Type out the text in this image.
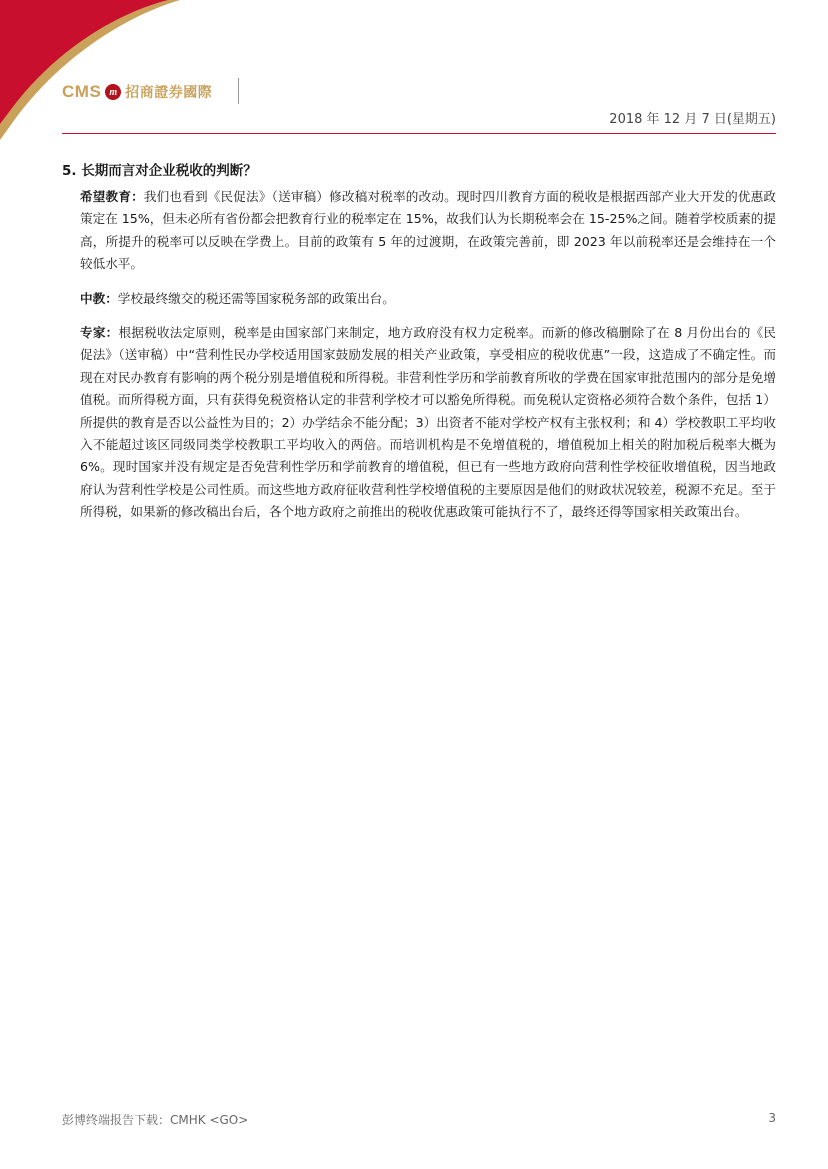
CMS m 招商證券國際
2018 年 12 月 7 日(星期五)
5. 长期而言对企业税收的判断？

希望教育：我们也看到《民促法》（送审稿）修改稿对税率的改动。现时四川教育方面的税收是根据西部产业大开发的优惠政策定在 15%，但未必所有省份都会把教育行业的税率定在 15%，故我们认为长期税率会在 15-25%之间。随着学校质素的提高，所提升的税率可以反映在学费上。目前的政策有 5 年的过渡期，在政策完善前，即 2023 年以前税率还是会维持在一个较低水平。

中教：学校最终缴交的税还需等国家税务部的政策出台。

专家：根据税收法定原则，税率是由国家部门来制定，地方政府没有权力定税率。而新的修改稿删除了在 8 月份出台的《民促法》（送审稿）中“营利性民办学校适用国家鼓励发展的相关产业政策，享受相应的税收优惠”一段，这造成了不确定性。而现在对民办教育有影响的两个税分别是增值税和所得税。非营利性学历和学前教育所收的学费在国家审批范围内的部分是免增值税。而所得税方面，只有获得免税资格认定的非营利学校才可以豁免所得税。而免税认定资格必须符合数个条件，包括 1）所提供的教育是否以公益性为目的；2）办学结余不能分配；3）出资者不能对学校产权有主张权利；和 4）学校教职工平均收入不能超过该区同级同类学校教职工平均收入的两倍。而培训机构是不免增值税的，增值税加上相关的附加税后税率大概为 6%。现时国家并没有规定是否免营利性学历和学前教育的增值税，但已有一些地方政府向营利性学校征收增值税，因当地政府认为营利性学校是公司性质。而这些地方政府征收营利性学校增值税的主要原因是他们的财政状况较差，税源不充足。至于所得税，如果新的修改稿出台后，各个地方政府之前推出的税收优惠政策可能执行不了，最终还得等国家相关政策出台。

彭博终端报告下载：CMHK <GO>	3
